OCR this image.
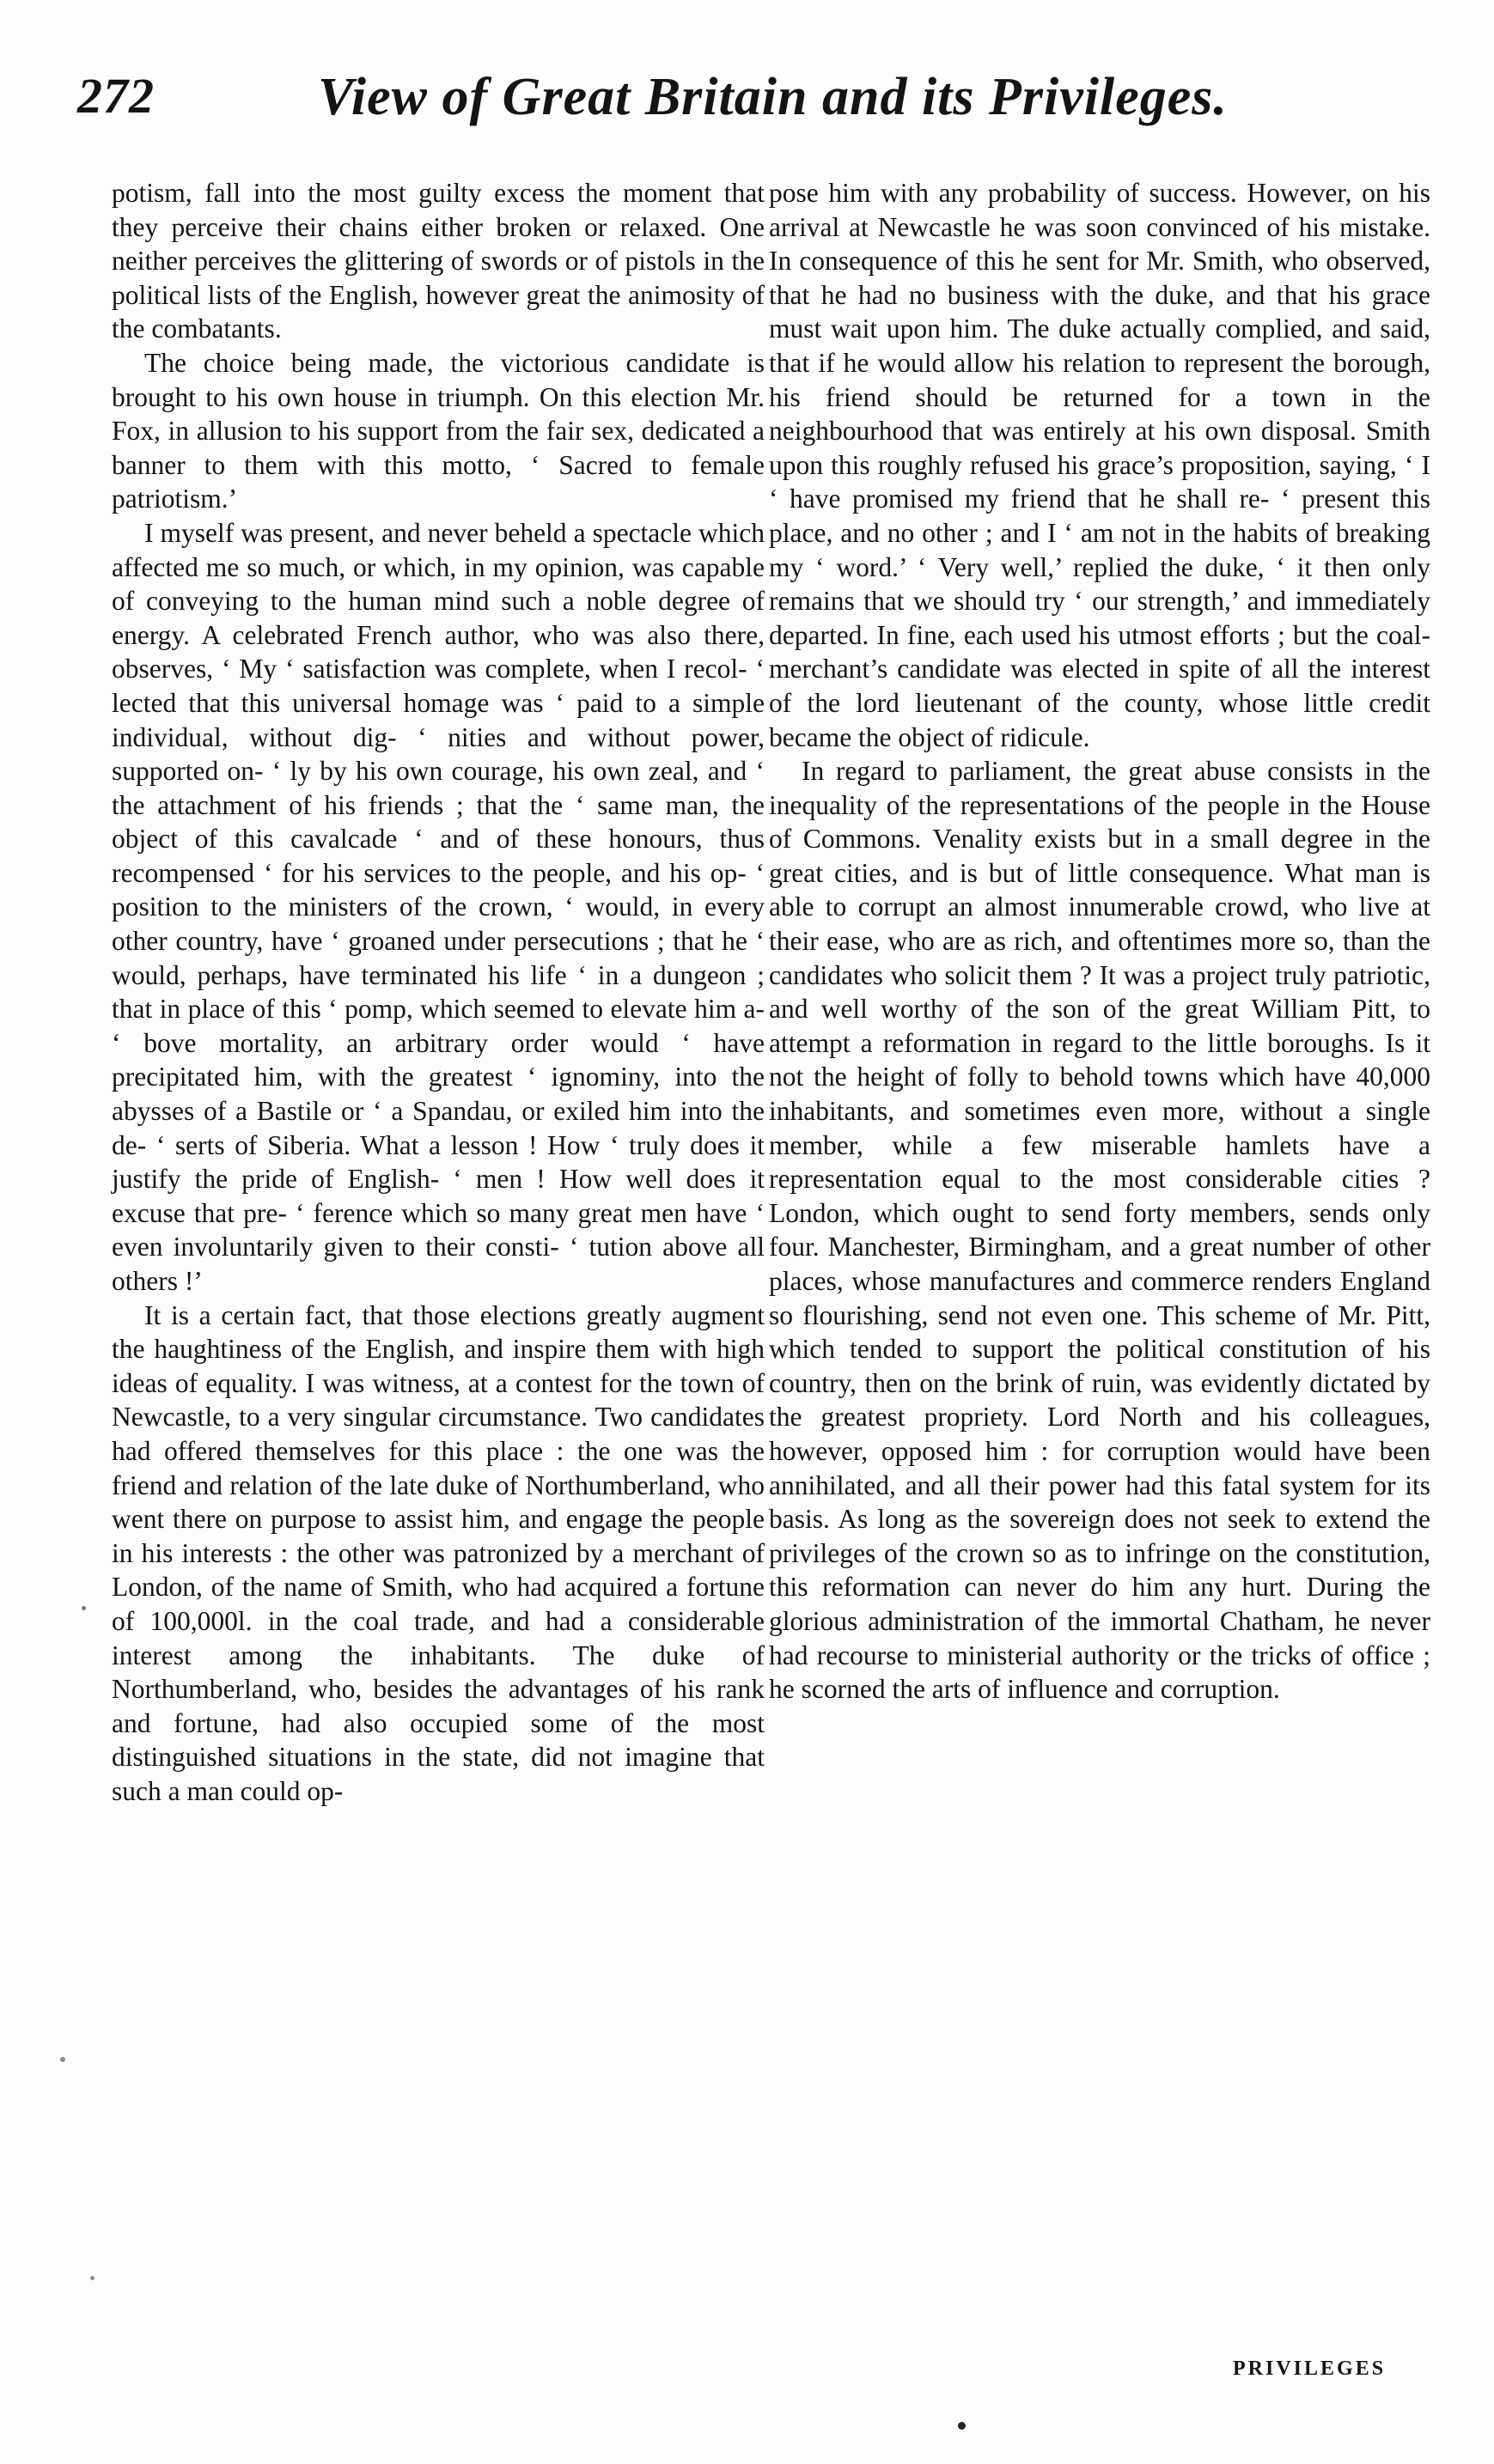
272	View of Great Britain and its Privileges.

potism, fall into the most guilty excess the moment that they perceive their chains either broken or relaxed. One neither perceives the glittering of swords or of pistols in the political lists of the English, however great the animosity of the combatants.

The choice being made, the victorious candidate is brought to his own house in triumph. On this election Mr. Fox, in allusion to his support from the fair sex, dedicated a banner to them with this motto, ‘ Sacred to female patriotism.’

I myself was present, and never beheld a spectacle which affected me so much, or which, in my opinion, was capable of conveying to the human mind such a noble degree of energy. A celebrated French author, who was also there, observes, ‘ My ‘ satisfaction was complete, when I recol- ‘ lected that this universal homage was ‘ paid to a simple individual, without dig- ‘ nities and without power, supported on- ‘ ly by his own courage, his own zeal, and ‘ the attachment of his friends ; that the ‘ same man, the object of this cavalcade ‘ and of these honours, thus recompensed ‘ for his services to the people, and his op- ‘ position to the ministers of the crown, ‘ would, in every other country, have ‘ groaned under persecutions ; that he ‘ would, perhaps, have terminated his life ‘ in a dungeon ; that in place of this ‘ pomp, which seemed to elevate him a- ‘ bove mortality, an arbitrary order would ‘ have precipitated him, with the greatest ‘ ignominy, into the abysses of a Bastile or ‘ a Spandau, or exiled him into the de- ‘ serts of Siberia. What a lesson ! How ‘ truly does it justify the pride of English- ‘ men ! How well does it excuse that pre- ‘ ference which so many great men have ‘ even involuntarily given to their consti- ‘ tution above all others !’

It is a certain fact, that those elections greatly augment the haughtiness of the English, and inspire them with high ideas of equality. I was witness, at a contest for the town of Newcastle, to a very singular circumstance. Two candidates had offered themselves for this place : the one was the friend and relation of the late duke of Northumberland, who went there on purpose to assist him, and engage the people in his interests : the other was patronized by a merchant of London, of the name of Smith, who had acquired a fortune of 100,000l. in the coal trade, and had a considerable interest among the inhabitants. The duke of Northumberland, who, besides the advantages of his rank and fortune, had also occupied some of the most distinguished situations in the state, did not imagine that such a man could op-

pose him with any probability of success. However, on his arrival at Newcastle he was soon convinced of his mistake. In consequence of this he sent for Mr. Smith, who observed, that he had no business with the duke, and that his grace must wait upon him. The duke actually complied, and said, that if he would allow his relation to represent the borough, his friend should be returned for a town in the neighbourhood that was entirely at his own disposal. Smith upon this roughly refused his grace’s proposition, saying, ‘ I ‘ have promised my friend that he shall re- ‘ present this place, and no other ; and I ‘ am not in the habits of breaking my ‘ word.’ ‘ Very well,’ replied the duke, ‘ it then only remains that we should try ‘ our strength,’ and immediately departed. In fine, each used his utmost efforts ; but the coal-merchant’s candidate was elected in spite of all the interest of the lord lieutenant of the county, whose little credit became the object of ridicule.

In regard to parliament, the great abuse consists in the inequality of the representations of the people in the House of Commons. Venality exists but in a small degree in the great cities, and is but of little consequence. What man is able to corrupt an almost innumerable crowd, who live at their ease, who are as rich, and oftentimes more so, than the candidates who solicit them ? It was a project truly patriotic, and well worthy of the son of the great William Pitt, to attempt a reformation in regard to the little boroughs. Is it not the height of folly to behold towns which have 40,000 inhabitants, and sometimes even more, without a single member, while a few miserable hamlets have a representation equal to the most considerable cities ? London, which ought to send forty members, sends only four. Manchester, Birmingham, and a great number of other places, whose manufactures and commerce renders England so flourishing, send not even one. This scheme of Mr. Pitt, which tended to support the political constitution of his country, then on the brink of ruin, was evidently dictated by the greatest propriety. Lord North and his colleagues, however, opposed him : for corruption would have been annihilated, and all their power had this fatal system for its basis. As long as the sovereign does not seek to extend the privileges of the crown so as to infringe on the constitution, this reformation can never do him any hurt. During the glorious administration of the immortal Chatham, he never had recourse to ministerial authority or the tricks of office ; he scorned the arts of influence and corruption.

PRIVILEGES
